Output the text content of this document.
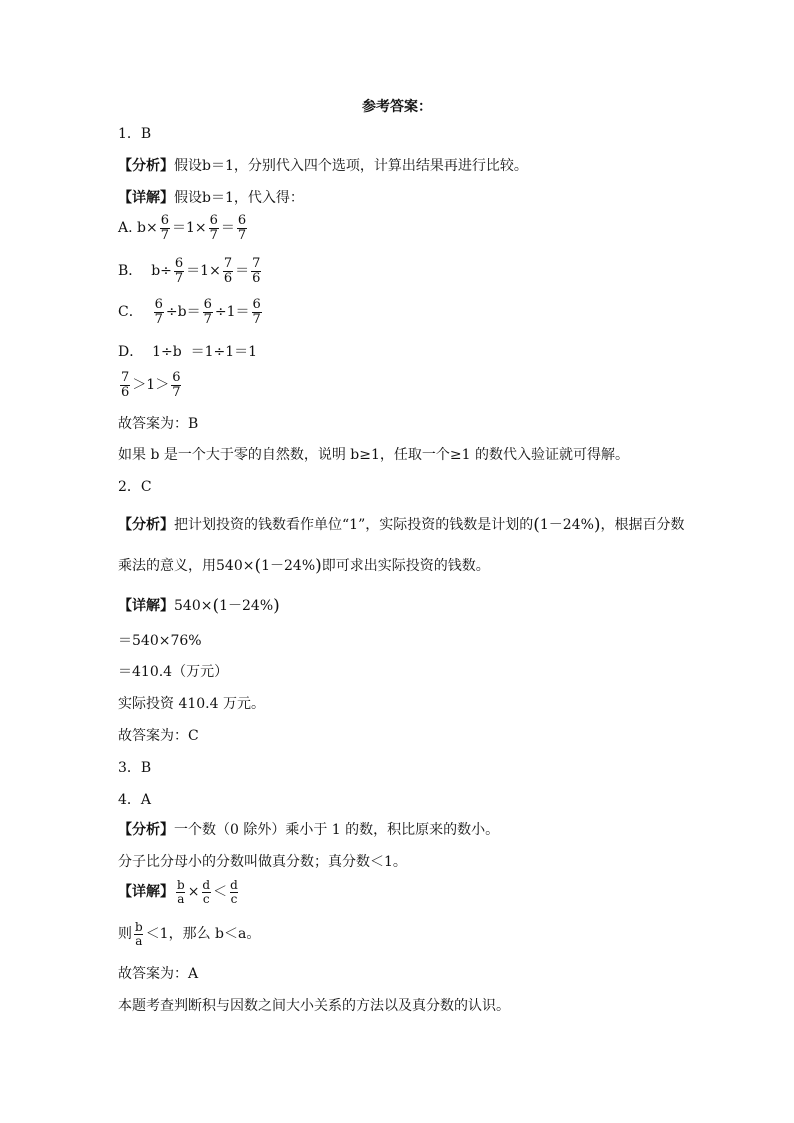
参考答案：
1．B
【分析】假设b＝1，分别代入四个选项，计算出结果再进行比较。
【详解】假设b＝1，代入得：
A. $b\times \frac{6}{7} =1\times \frac{6}{7} = \frac{6}{7}$
B．  $b\div \frac{6}{7} =1\times \frac{7}{6} = \frac{7}{6}$
C． $\frac{6}{7} \div b= \frac{6}{7} \div 1= \frac{6}{7}$
D．  1÷b  ＝1÷1＝1
$\frac{7}{6} >1> \frac{6}{7}$
故答案为：B
如果 b 是一个大于零的自然数，说明 b≥1，任取一个≥1 的数代入验证就可得解。
2．C
【分析】把计划投资的钱数看作单位“1”，实际投资的钱数是计划的(1－24%)，根据百分数
乘法的意义，用540×(1－24%)即可求出实际投资的钱数。
【详解】540×(1－24%)
＝540×76%
＝410.4（万元）
实际投资 410.4 万元。
故答案为：C
3．B
4．A
【分析】一个数（0 除外）乘小于 1 的数，积比原来的数小。
分子比分母小的分数叫做真分数；真分数＜1。
【详解】 $\frac{b}{a} \times \frac{d}{c} < \frac{d}{c}$
则 $\frac{b}{a} <1$，那么 b＜a。
故答案为：A
本题考查判断积与因数之间大小关系的方法以及真分数的认识。
